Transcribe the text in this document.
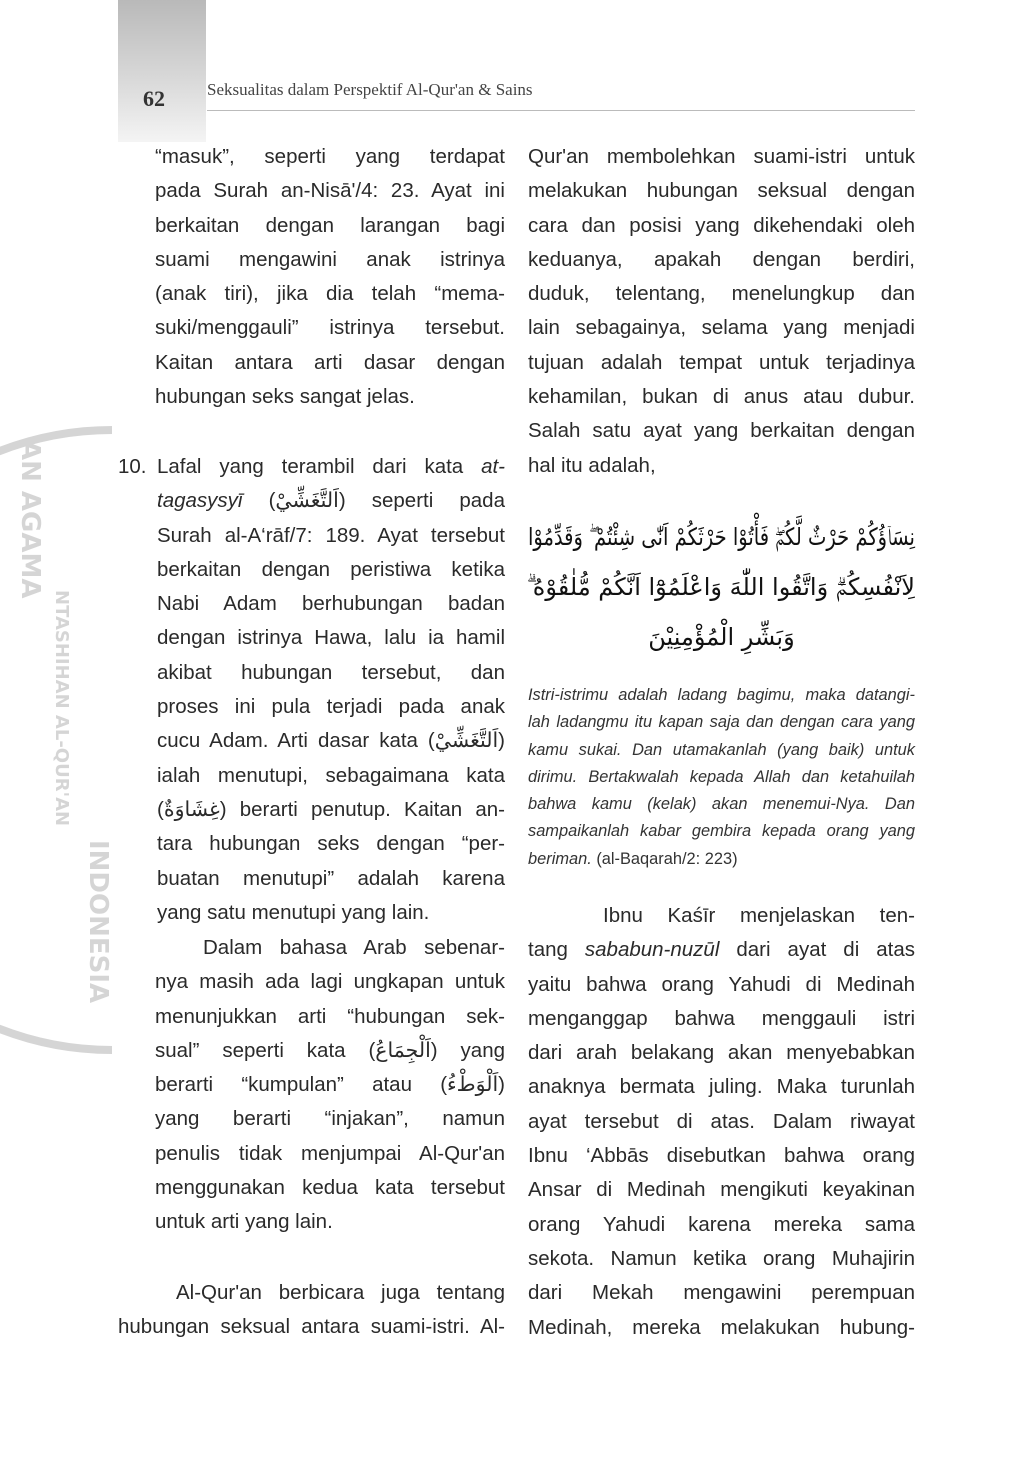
62	Seksualitas dalam Perspektif Al-Qur'an & Sains
AN AGAMA
NTASHIHAN AL-QUR'AN
INDONESIA
“masuk”, seperti yang terdapat
pada Surah an-Nisā'/4: 23. Ayat ini
berkaitan dengan larangan bagi
suami mengawini anak istrinya
(anak tiri), jika dia telah “mema-
suki/menggauli” istrinya tersebut.
Kaitan antara arti dasar dengan
hubungan seks sangat jelas.
10. Lafal yang terambil dari kata at-
tagasysyī (اَلتَّغَشِّيْ) seperti pada
Surah al-A‘rāf/7: 189. Ayat tersebut
berkaitan dengan peristiwa ketika
Nabi Adam berhubungan badan
dengan istrinya Hawa, lalu ia hamil
akibat hubungan tersebut, dan
proses ini pula terjadi pada anak
cucu Adam. Arti dasar kata (اَلتَّغَشِّيْ)
ialah menutupi, sebagaimana kata
(غِشَاوَةٌ) berarti penutup. Kaitan an-
tara hubungan seks dengan “per-
buatan menutupi” adalah karena
yang satu menutupi yang lain.
Dalam bahasa Arab sebenar-
nya masih ada lagi ungkapan untuk
menunjukkan arti “hubungan sek-
sual” seperti kata (اَلْجِمَاعُ) yang
berarti “kumpulan” atau (اَلْوَطْءُ)
yang berarti “injakan”, namun
penulis tidak menjumpai Al-Qur'an
menggunakan kedua kata tersebut
untuk arti yang lain.
Al-Qur'an berbicara juga tentang
hubungan seksual antara suami-istri. Al-
Qur'an membolehkan suami-istri untuk
melakukan hubungan seksual dengan
cara dan posisi yang dikehendaki oleh
keduanya, apakah dengan berdiri,
duduk, telentang, menelungkup dan
lain sebagainya, selama yang menjadi
tujuan adalah tempat untuk terjadinya
kehamilan, bukan di anus atau dubur.
Salah satu ayat yang berkaitan dengan
hal itu adalah,
نِسَاۤؤُكُمْ حَرْثٌ لَّكُمْۖ فَأْتُوْا حَرْثَكُمْ اَنّٰى شِئْتُمْ ۖ وَقَدِّمُوْا
لِاَنْفُسِكُمْۗ وَاتَّقُوا اللّٰهَ وَاعْلَمُوْٓا اَنَّكُمْ مُّلٰقُوْهُ ۗ
وَبَشِّرِ الْمُؤْمِنِيْنَ
Istri-istrimu adalah ladang bagimu, maka datangi-
lah ladangmu itu kapan saja dan dengan cara yang
kamu sukai. Dan utamakanlah (yang baik) untuk
dirimu. Bertakwalah kepada Allah dan ketahuilah
bahwa kamu (kelak) akan menemui-Nya. Dan
sampaikanlah kabar gembira kepada orang yang
beriman. (al-Baqarah/2: 223)
Ibnu Kaśīr menjelaskan ten-
tang sababun-nuzūl dari ayat di atas
yaitu bahwa orang Yahudi di Medinah
menganggap bahwa menggauli istri
dari arah belakang akan menyebabkan
anaknya bermata juling. Maka turunlah
ayat tersebut di atas. Dalam riwayat
Ibnu ‘Abbās disebutkan bahwa orang
Ansar di Medinah mengikuti keyakinan
orang Yahudi karena mereka sama
sekota. Namun ketika orang Muhajirin
dari Mekah mengawini perempuan
Medinah, mereka melakukan hubung-
